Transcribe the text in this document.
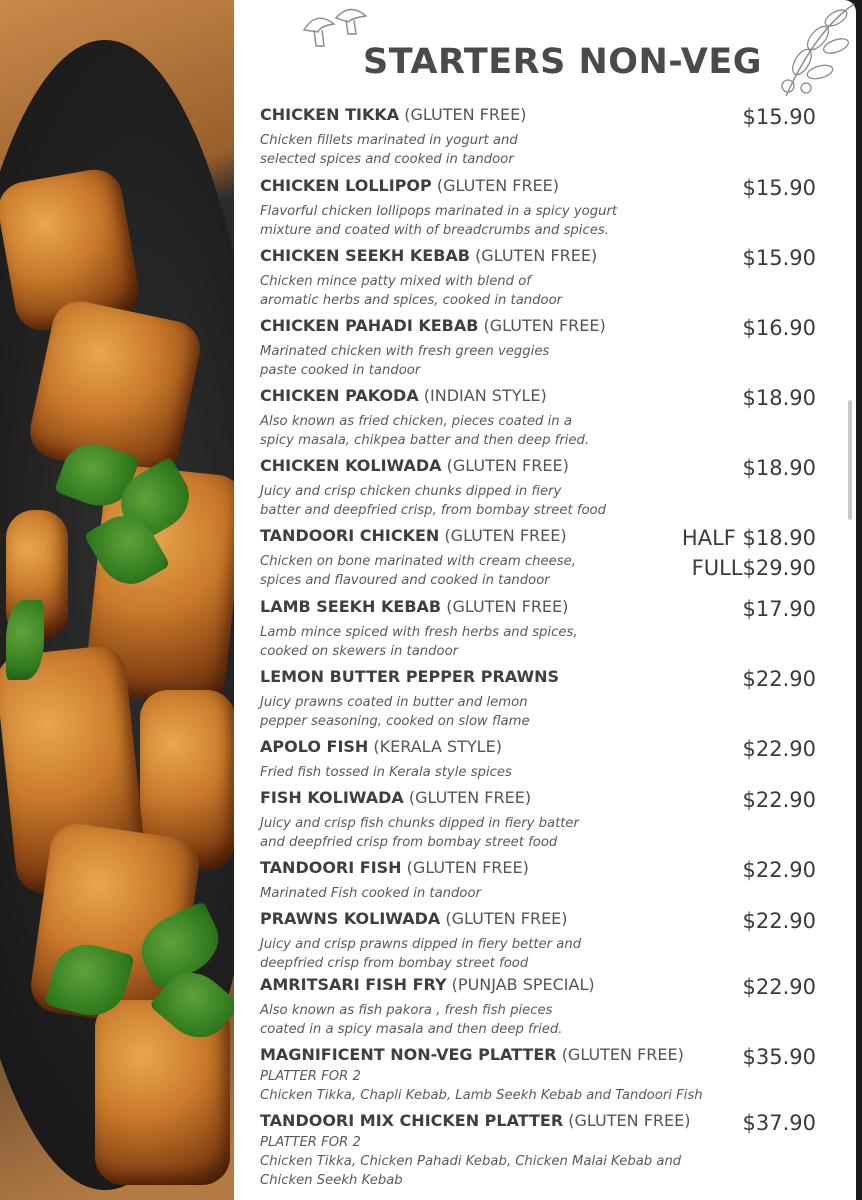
STARTERS NON-VEG
CHICKEN TIKKA (GLUTEN FREE)	$15.90
Chicken fillets marinated in yogurt and
selected spices and cooked in tandoor
CHICKEN LOLLIPOP (GLUTEN FREE)	$15.90
Flavorful chicken lollipops marinated in a spicy yogurt
mixture and coated with of breadcrumbs and spices.
CHICKEN SEEKH KEBAB (GLUTEN FREE)	$15.90
Chicken mince patty mixed with blend of
aromatic herbs and spices, cooked in tandoor
CHICKEN PAHADI KEBAB (GLUTEN FREE)	$16.90
Marinated chicken with fresh green veggies
paste cooked in tandoor
CHICKEN PAKODA (INDIAN STYLE)	$18.90
Also known as fried chicken, pieces coated in a
spicy masala, chikpea batter and then deep fried.
CHICKEN KOLIWADA (GLUTEN FREE)	$18.90
Juicy and crisp chicken chunks dipped in fiery
batter and deepfried crisp, from bombay street food
TANDOORI CHICKEN (GLUTEN FREE)	HALF $18.90
FULL$29.90
Chicken on bone marinated with cream cheese,
spices and flavoured and cooked in tandoor
LAMB SEEKH KEBAB (GLUTEN FREE)	$17.90
Lamb mince spiced with fresh herbs and spices,
cooked on skewers in tandoor
LEMON BUTTER PEPPER PRAWNS	$22.90
Juicy prawns coated in butter and lemon
pepper seasoning, cooked on slow flame
APOLO FISH (KERALA STYLE)	$22.90
Fried fish tossed in Kerala style spices
FISH KOLIWADA (GLUTEN FREE)	$22.90
Juicy and crisp fish chunks dipped in fiery batter
and deepfried crisp from bombay street food
TANDOORI FISH (GLUTEN FREE)	$22.90
Marinated Fish cooked in tandoor
PRAWNS KOLIWADA (GLUTEN FREE)	$22.90
Juicy and crisp prawns dipped in fiery better and
deepfried crisp from bombay street food
AMRITSARI FISH FRY (PUNJAB SPECIAL)	$22.90
Also known as fish pakora , fresh fish pieces
coated in a spicy masala and then deep fried.
MAGNIFICENT NON-VEG PLATTER (GLUTEN FREE)	$35.90
PLATTER FOR 2
Chicken Tikka, Chapli Kebab, Lamb Seekh Kebab and Tandoori Fish
TANDOORI MIX CHICKEN PLATTER (GLUTEN FREE)	$37.90
PLATTER FOR 2
Chicken Tikka, Chicken Pahadi Kebab, Chicken Malai Kebab and
Chicken Seekh Kebab
